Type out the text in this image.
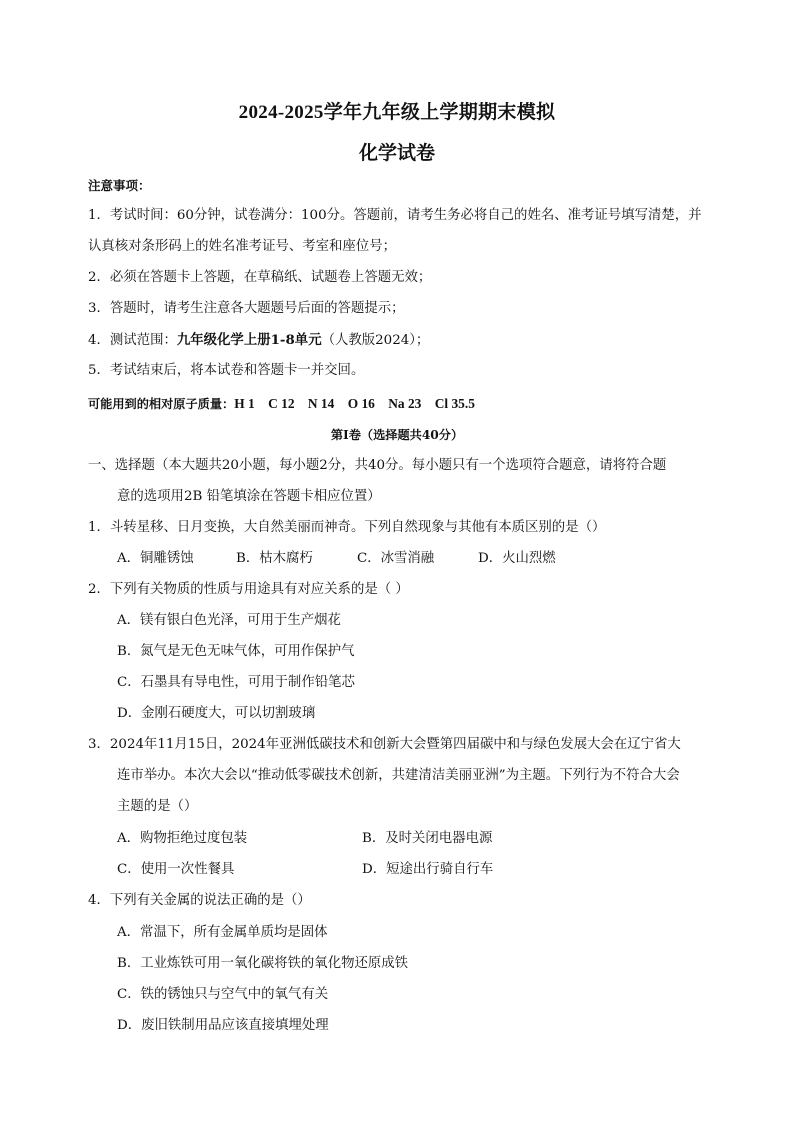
2024-2025学年九年级上学期期末模拟
化学试卷
注意事项：
1．考试时间：60分钟，试卷满分：100分。答题前，请考生务必将自己的姓名、准考证号填写清楚，并
认真核对条形码上的姓名准考证号、考室和座位号；
2．必须在答题卡上答题，在草稿纸、试题卷上答题无效；
3．答题时，请考生注意各大题题号后面的答题提示；
4．测试范围：九年级化学上册1-8单元（人教版2024）；
5．考试结束后，将本试卷和答题卡一并交回。
可能用到的相对原子质量：H 1    C 12    N 14    O 16    Na 23    Cl 35.5
第Ⅰ卷（选择题共40分）
一、选择题（本大题共20小题，每小题2分，共40分。每小题只有一个选项符合题意，请将符合题
意的选项用2B 铅笔填涂在答题卡相应位置）
1．斗转星移、日月变换，大自然美丽而神奇。下列自然现象与其他有本质区别的是（）
A．铜雕锈蚀	B．枯木腐朽	C．冰雪消融	D．火山烈燃
2．下列有关物质的性质与用途具有对应关系的是（ ）
A．镁有银白色光泽，可用于生产烟花
B．氮气是无色无味气体，可用作保护气
C．石墨具有导电性，可用于制作铅笔芯
D．金刚石硬度大，可以切割玻璃
3．2024年11月15日，2024年亚洲低碳技术和创新大会暨第四届碳中和与绿色发展大会在辽宁省大
连市举办。本次大会以“推动低零碳技术创新，共建清洁美丽亚洲”为主题。下列行为不符合大会
主题的是（）
A．购物拒绝过度包装	B．及时关闭电器电源
C．使用一次性餐具	D．短途出行骑自行车
4．下列有关金属的说法正确的是（）
A．常温下，所有金属单质均是固体
B．工业炼铁可用一氧化碳将铁的氧化物还原成铁
C．铁的锈蚀只与空气中的氧气有关
D．废旧铁制用品应该直接填埋处理
